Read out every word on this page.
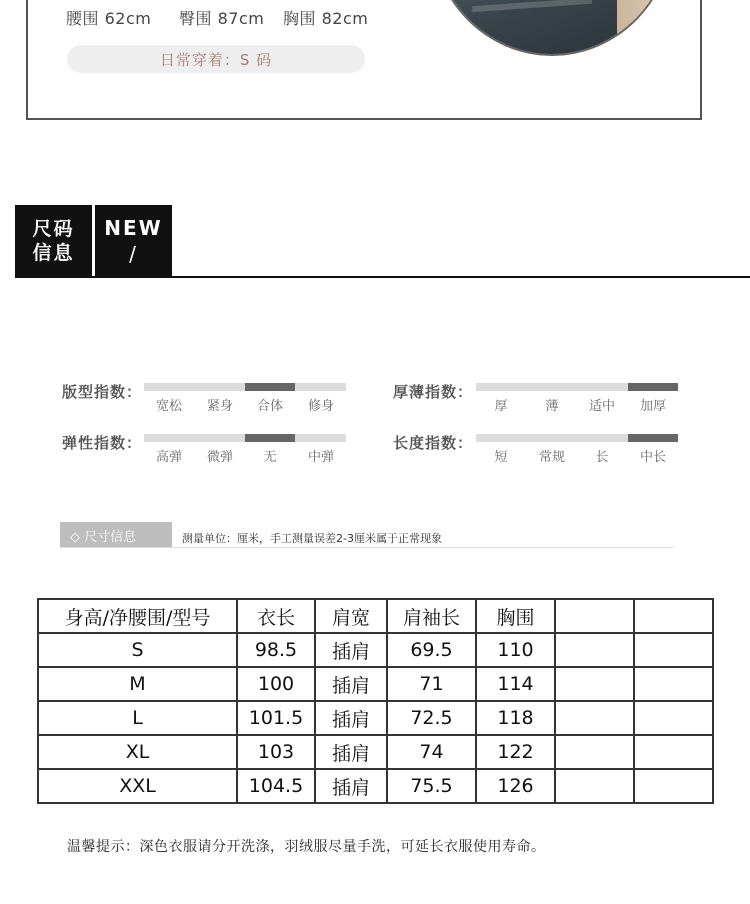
腰围 62cm 臀围 87cm 胸围 82cm
日常穿着：S 码
尺码
信息
NEW
/
版型指数：
宽松	紧身	合体	修身
厚薄指数：
厚	薄	适中	加厚
弹性指数：
高弹	微弹	无	中弹
长度指数：
短	常规	长	中长
◇ 尺寸信息	测量单位：厘米，手工测量误差2-3厘米属于正常现象
身高/净腰围/型号	衣长	肩宽	肩袖长	胸围		
S	98.5	插肩	69.5	110		
M	100	插肩	71	114		
L	101.5	插肩	72.5	118		
XL	103	插肩	74	122		
XXL	104.5	插肩	75.5	126		
温馨提示：深色衣服请分开洗涤，羽绒服尽量手洗，可延长衣服使用寿命。
